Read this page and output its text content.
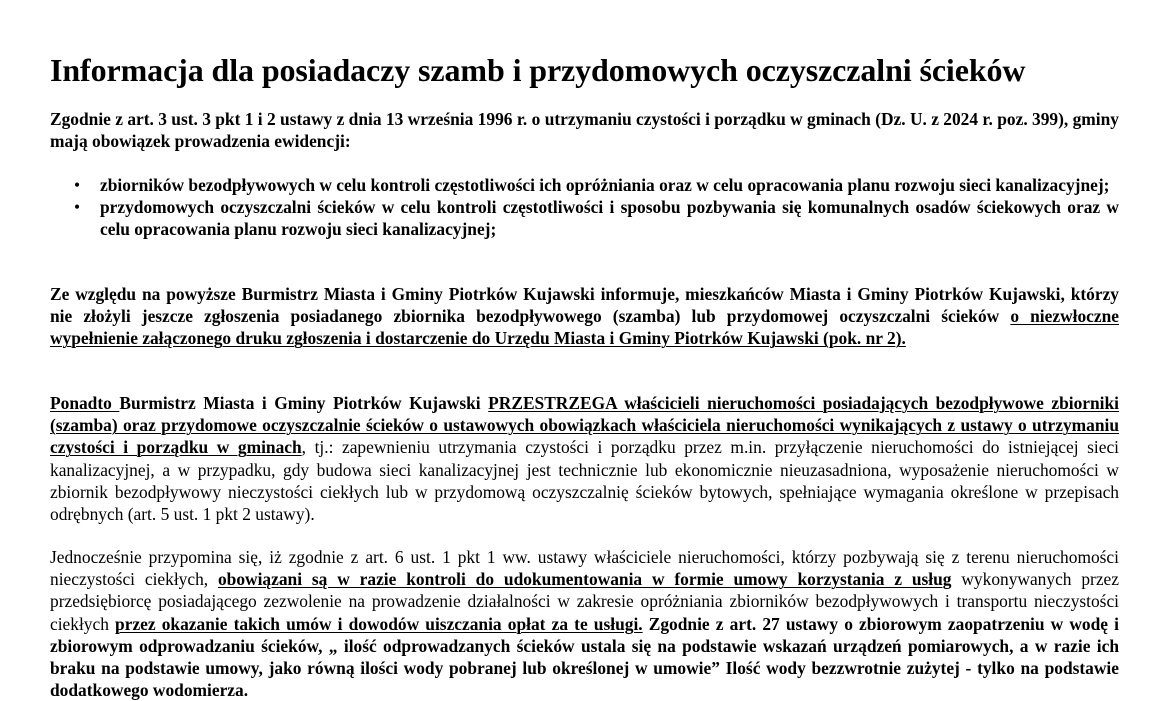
Informacja dla posiadaczy szamb i przydomowych oczyszczalni ścieków

Zgodnie z art. 3 ust. 3 pkt 1 i 2 ustawy z dnia 13 września 1996 r. o utrzymaniu czystości i porządku w gminach (Dz. U. z 2024 r. poz. 399), gminy mają obowiązek prowadzenia ewidencji:

• zbiorników bezodpływowych w celu kontroli częstotliwości ich opróżniania oraz w celu opracowania planu rozwoju sieci kanalizacyjnej;
• przydomowych oczyszczalni ścieków w celu kontroli częstotliwości i sposobu pozbywania się komunalnych osadów ściekowych oraz w celu opracowania planu rozwoju sieci kanalizacyjnej;

Ze względu na powyższe Burmistrz Miasta i Gminy Piotrków Kujawski informuje, mieszkańców Miasta i Gminy Piotrków Kujawski, którzy nie złożyli jeszcze zgłoszenia posiadanego zbiornika bezodpływowego (szamba) lub przydomowej oczyszczalni ścieków o niezwłoczne wypełnienie załączonego druku zgłoszenia i dostarczenie do Urzędu Miasta i Gminy Piotrków Kujawski (pok. nr 2).

Ponadto Burmistrz Miasta i Gminy Piotrków Kujawski PRZESTRZEGA właścicieli nieruchomości posiadających bezodpływowe zbiorniki (szamba) oraz przydomowe oczyszczalnie ścieków o ustawowych obowiązkach właściciela nieruchomości wynikających z ustawy o utrzymaniu czystości i porządku w gminach, tj.: zapewnieniu utrzymania czystości i porządku przez m.in. przyłączenie nieruchomości do istniejącej sieci kanalizacyjnej, a w przypadku, gdy budowa sieci kanalizacyjnej jest technicznie lub ekonomicznie nieuzasadniona, wyposażenie nieruchomości w zbiornik bezodpływowy nieczystości ciekłych lub w przydomową oczyszczalnię ścieków bytowych, spełniające wymagania określone w przepisach odrębnych (art. 5 ust. 1 pkt 2 ustawy).

Jednocześnie przypomina się, iż zgodnie z art. 6 ust. 1 pkt 1 ww. ustawy właściciele nieruchomości, którzy pozbywają się z terenu nieruchomości nieczystości ciekłych, obowiązani są w razie kontroli do udokumentowania w formie umowy korzystania z usług wykonywanych przez przedsiębiorcę posiadającego zezwolenie na prowadzenie działalności w zakresie opróżniania zbiorników bezodpływowych i transportu nieczystości ciekłych przez okazanie takich umów i dowodów uiszczania opłat za te usługi. Zgodnie z art. 27 ustawy o zbiorowym zaopatrzeniu w wodę i zbiorowym odprowadzaniu ścieków, „ ilość odprowadzanych ścieków ustala się na podstawie wskazań urządzeń pomiarowych, a w razie ich braku na podstawie umowy, jako równą ilości wody pobranej lub określonej w umowie” Ilość wody bezzwrotnie zużytej - tylko na podstawie dodatkowego wodomierza.
